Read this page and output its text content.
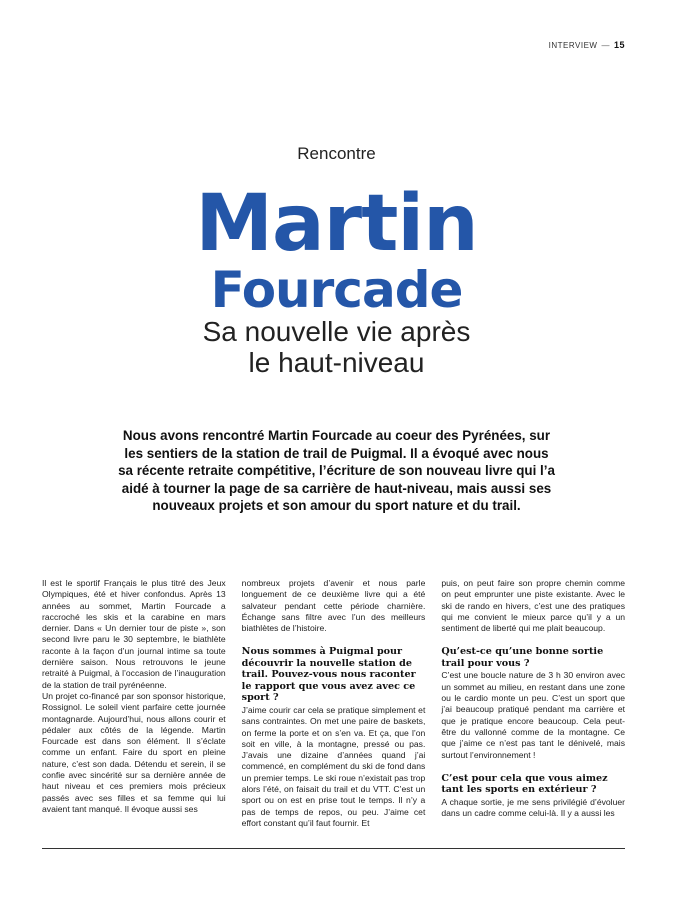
INTERVIEW — 15
Rencontre
Martin
Fourcade
Sa nouvelle vie après
le haut-niveau
Nous avons rencontré Martin Fourcade au coeur des Pyrénées, sur les sentiers de la station de trail de Puigmal. Il a évoqué avec nous sa récente retraite compétitive, l’écriture de son nouveau livre qui l’a aidé à tourner la page de sa carrière de haut-niveau, mais aussi ses nouveaux projets et son amour du sport nature et du trail.

Il est le sportif Français le plus titré des Jeux Olympiques, été et hiver confondus. Après 13 années au sommet, Martin Fourcade a raccroché les skis et la carabine en mars dernier. Dans « Un dernier tour de piste », son second livre paru le 30 septembre, le biathlète raconte à la façon d’un journal intime sa toute dernière saison. Nous retrouvons le jeune retraité à Puigmal, à l’occasion de l’inauguration de la station de trail pyrénéenne.

Un projet co-financé par son sponsor historique, Rossignol. Le soleil vient parfaire cette journée montagnarde. Aujourd’hui, nous allons courir et pédaler aux côtés de la légende. Martin Fourcade est dans son élément. Il s’éclate comme un enfant. Faire du sport en pleine nature, c’est son dada. Détendu et serein, il se confie avec sincérité sur sa dernière année de haut niveau et ces premiers mois précieux passés avec ses filles et sa femme qui lui avaient tant manqué. Il évoque aussi ses

nombreux projets d’avenir et nous parle longuement de ce deuxième livre qui a été salvateur pendant cette période charnière. Échange sans filtre avec l’un des meilleurs biathlètes de l’histoire.

Nous sommes à Puigmal pour découvrir la nouvelle station de trail. Pouvez-vous nous raconter le rapport que vous avez avec ce sport ?

J’aime courir car cela se pratique simplement et sans contraintes. On met une paire de baskets, on ferme la porte et on s’en va. Et ça, que l’on soit en ville, à la montagne, pressé ou pas. J’avais une dizaine d’années quand j’ai commencé, en complément du ski de fond dans un premier temps. Le ski roue n’existait pas trop alors l’été, on faisait du trail et du VTT. C’est un sport ou on est en prise tout le temps. Il n’y a pas de temps de repos, ou peu. J’aime cet effort constant qu’il faut fournir. Et

puis, on peut faire son propre chemin comme on peut emprunter une piste existante. Avec le ski de rando en hivers, c’est une des pratiques qui me convient le mieux parce qu’il y a un sentiment de liberté qui me plait beaucoup.

Qu’est-ce qu’une bonne sortie trail pour vous ?

C’est une boucle nature de 3 h 30 environ avec un sommet au milieu, en restant dans une zone ou le cardio monte un peu. C’est un sport que j’ai beaucoup pratiqué pendant ma carrière et que je pratique encore beaucoup. Cela peut-être du vallonné comme de la montagne. Ce que j’aime ce n’est pas tant le dénivelé, mais surtout l’environnement !

C’est pour cela que vous aimez tant les sports en extérieur ?

A chaque sortie, je me sens privilégié d’évoluer dans un cadre comme celui-là. Il y a aussi les
